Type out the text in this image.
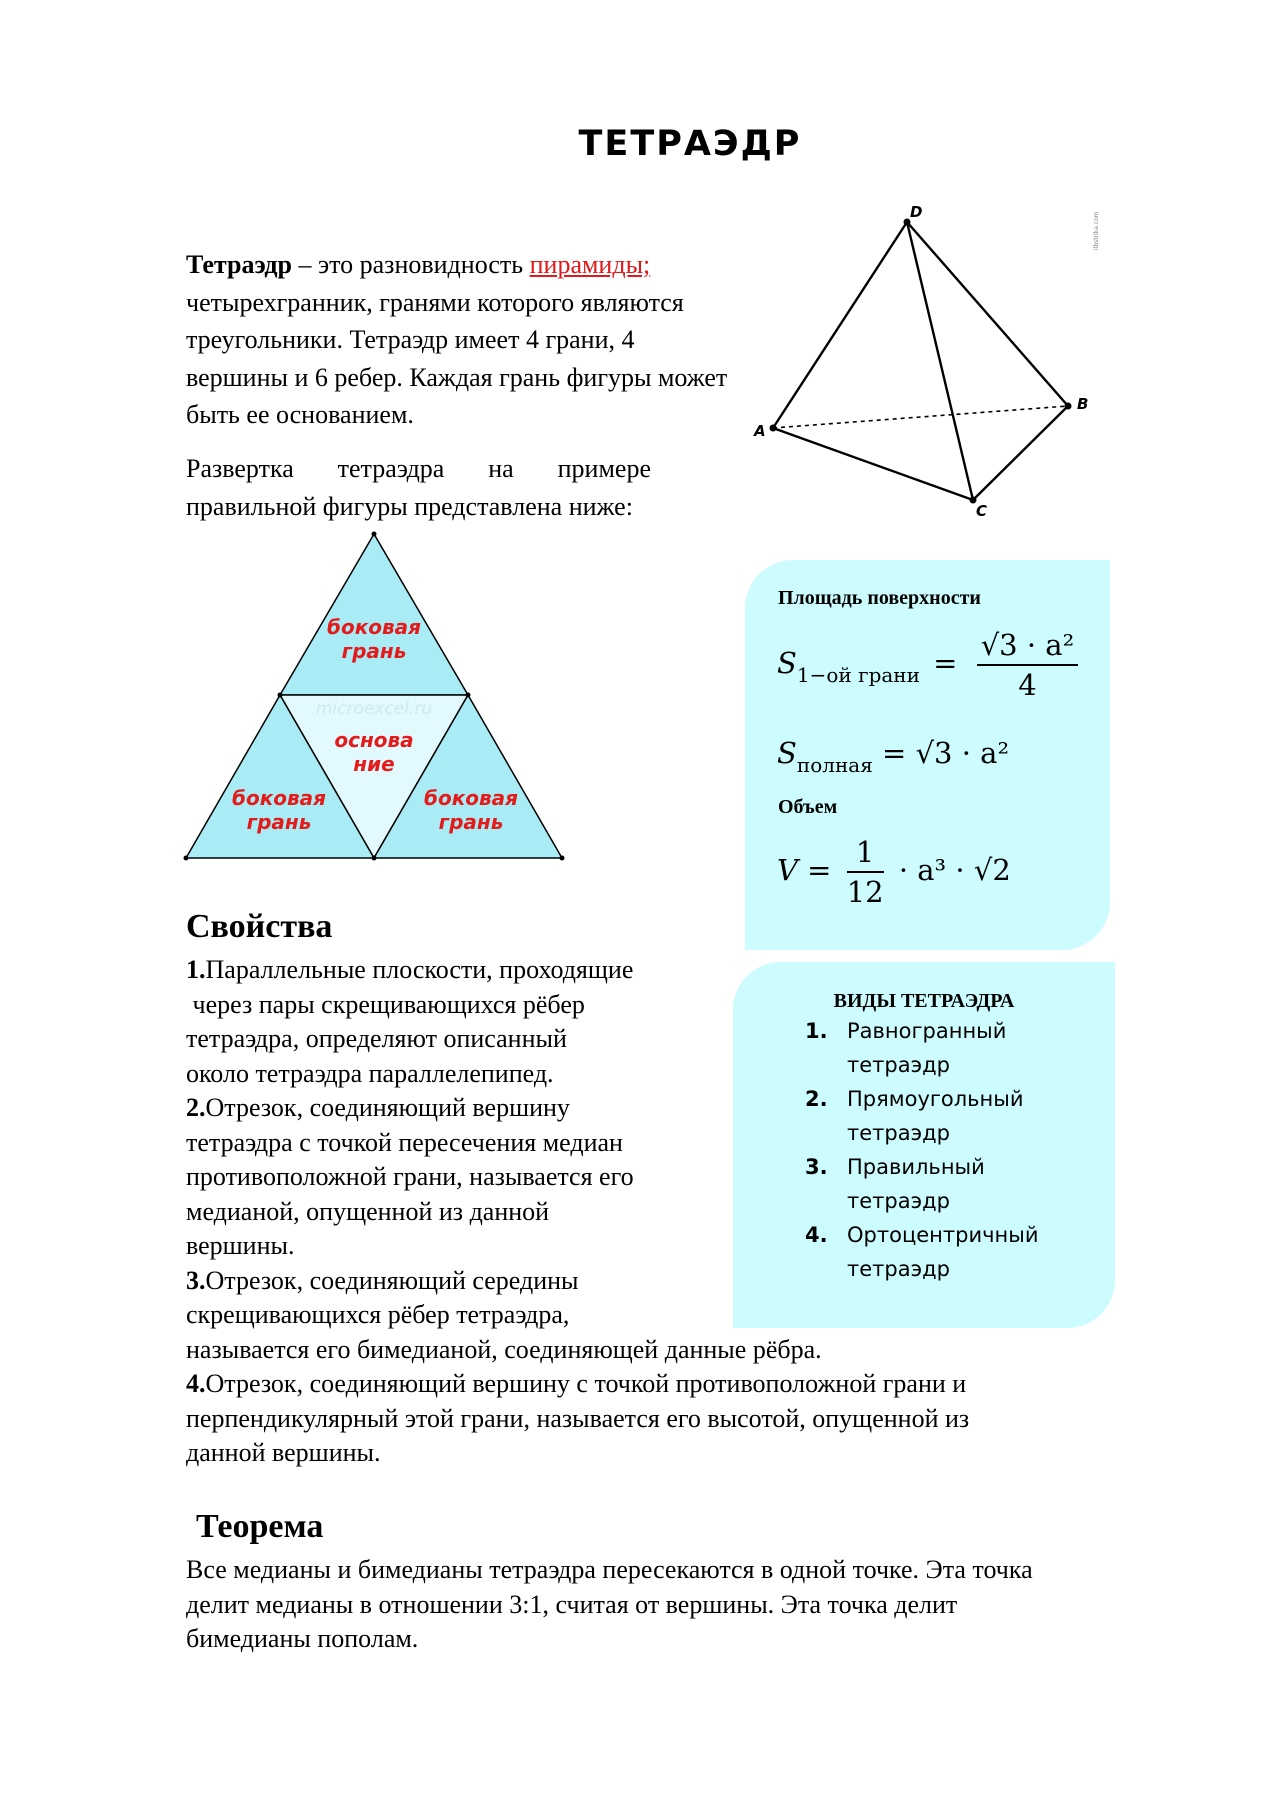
ТЕТРАЭДР
Тетраэдр – это разновидность пирамиды; четырехгранник, гранями которого являются треугольники. Тетраэдр имеет 4 грани, 4 вершины и 6 ребер. Каждая грань фигуры может быть ее основанием.
Развертка тетраэдра на примере правильной фигуры представлена ниже:
D
B
A
C
ilbstrika.com
microexcel.ru
боковая
грань
основа
ние
боковая
грань
боковая
грань
Площадь поверхности
$S_{1-ой грани} = \frac{\text{√3 · a²}}{4}$
$S_{полная} = √3 \cdot a^2$
Объем
$V = \frac{1}{12} \cdot a^3 \cdot √2$
ВИДЫ ТЕТРАЭДРА
1. Равногранный
тетраэдр
2. Прямоугольный
тетраэдр
3. Правильный
тетраэдр
4. Ортоцентричный
тетраэдр
Свойства
1.Параллельные плоскости, проходящие
через пары скрещивающихся рёбер
тетраэдра, определяют описанный
около тетраэдра параллелепипед.
2.Отрезок, соединяющий вершину
тетраэдра с точкой пересечения медиан
противоположной грани, называется его
медианой, опущенной из данной
вершины.
3.Отрезок, соединяющий середины
скрещивающихся рёбер тетраэдра,
называется его бимедианой, соединяющей данные рёбра.
4.Отрезок, соединяющий вершину с точкой противоположной грани и
перпендикулярный этой грани, называется его высотой, опущенной из
данной вершины.
Теорема
Все медианы и бимедианы тетраэдра пересекаются в одной точке. Эта точка
делит медианы в отношении 3:1, считая от вершины. Эта точка делит
бимедианы пополам.
